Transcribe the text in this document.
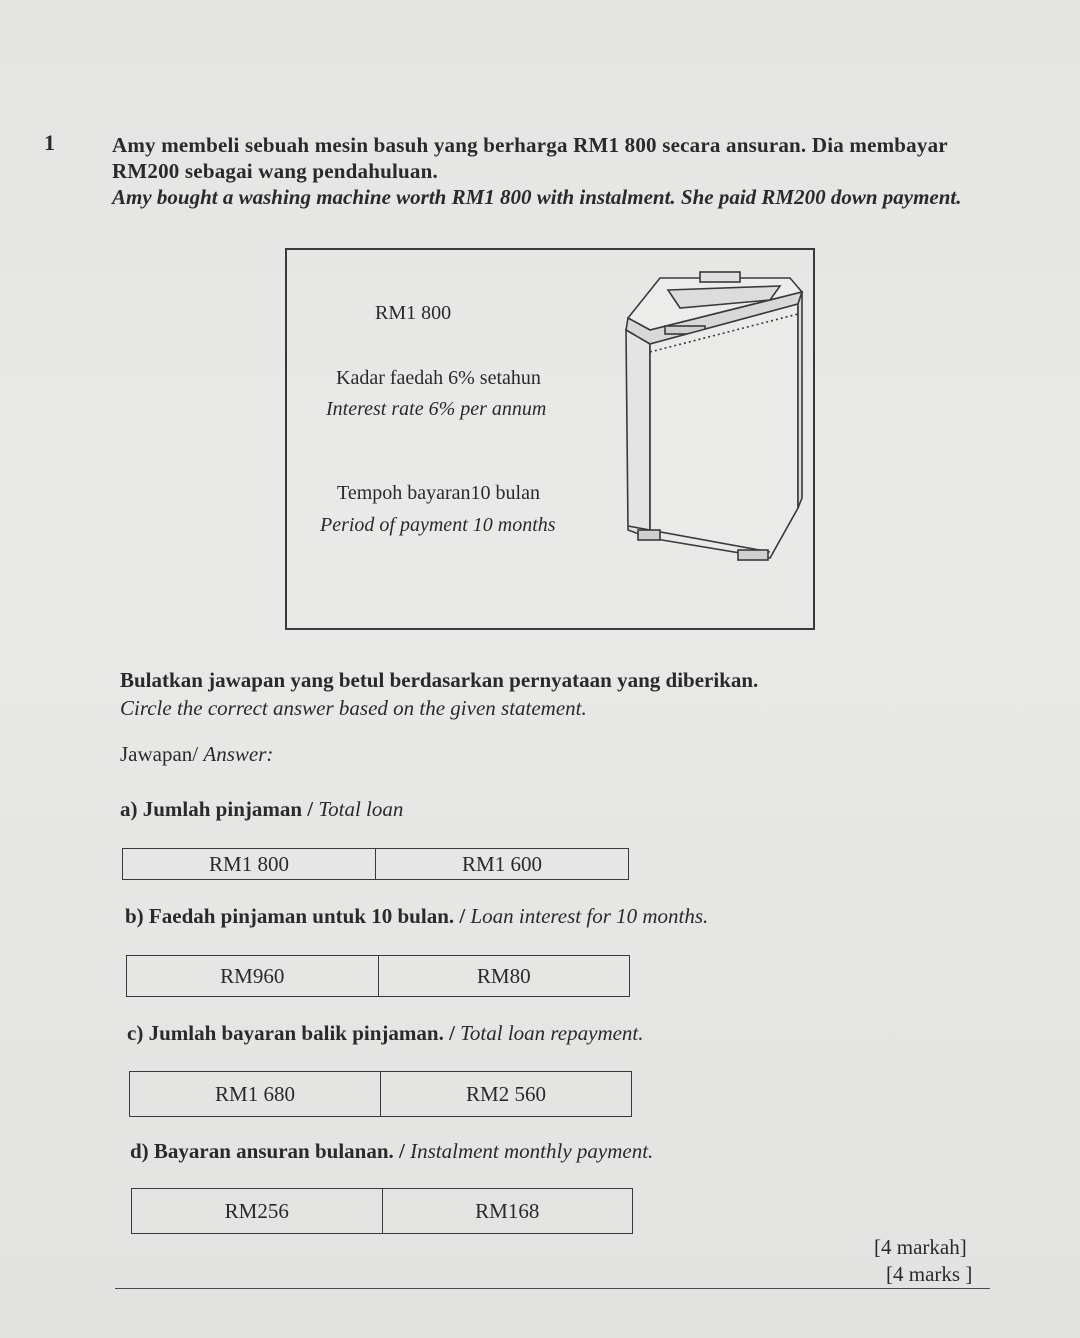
1	Amy membeli sebuah mesin basuh yang berharga RM1 800 secara ansuran. Dia membayar RM200 sebagai wang pendahuluan.
Amy bought a washing machine worth RM1 800 with instalment. She paid RM200 down payment.
RM1 800
Kadar faedah 6% setahun
Interest rate 6% per annum
Tempoh bayaran10 bulan
Period of payment 10 months
Bulatkan jawapan yang betul berdasarkan pernyataan yang diberikan.
Circle the correct answer based on the given statement.
Jawapan/ Answer:
a) Jumlah pinjaman / Total loan
RM1 800	RM1 600
b) Faedah pinjaman untuk 10 bulan. / Loan interest for 10 months.
RM960	RM80
c) Jumlah bayaran balik pinjaman. / Total loan repayment.
RM1 680	RM2 560
d) Bayaran ansuran bulanan. / Instalment monthly payment.
RM256	RM168
[4 markah]
[4 marks ]
